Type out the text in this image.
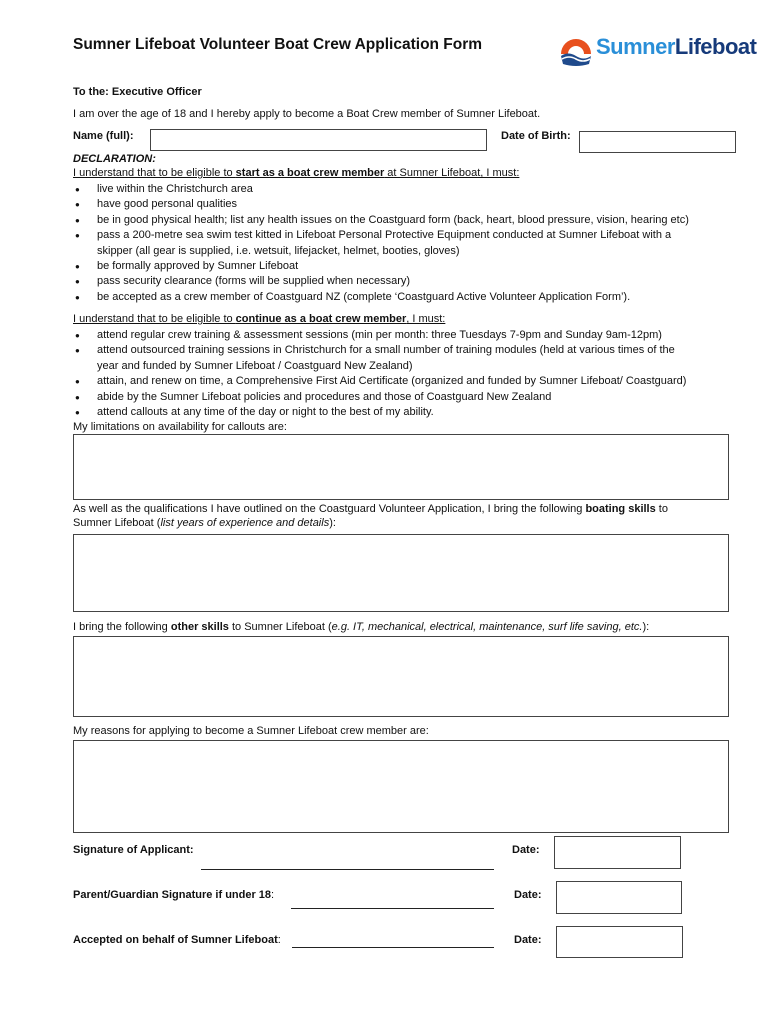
Sumner Lifeboat Volunteer Boat Crew Application Form	SumnerLifeboat
To the: Executive Officer
I am over the age of 18 and I hereby apply to become a Boat Crew member of Sumner Lifeboat.
Name (full):	Date of Birth:
DECLARATION:
I understand that to be eligible to start as a boat crew member at Sumner Lifeboat, I must:
● live within the Christchurch area
● have good personal qualities
● be in good physical health; list any health issues on the Coastguard form (back, heart, blood pressure, vision, hearing etc)
● pass a 200-metre sea swim test kitted in Lifeboat Personal Protective Equipment conducted at Sumner Lifeboat with a
skipper (all gear is supplied, i.e. wetsuit, lifejacket, helmet, booties, gloves)
● be formally approved by Sumner Lifeboat
● pass security clearance (forms will be supplied when necessary)
● be accepted as a crew member of Coastguard NZ (complete ‘Coastguard Active Volunteer Application Form’).
I understand that to be eligible to continue as a boat crew member, I must:
● attend regular crew training & assessment sessions (min per month: three Tuesdays 7-9pm and Sunday 9am-12pm)
● attend outsourced training sessions in Christchurch for a small number of training modules (held at various times of the
year and funded by Sumner Lifeboat / Coastguard New Zealand)
● attain, and renew on time, a Comprehensive First Aid Certificate (organized and funded by Sumner Lifeboat/ Coastguard)
● abide by the Sumner Lifeboat policies and procedures and those of Coastguard New Zealand
● attend callouts at any time of the day or night to the best of my ability.
My limitations on availability for callouts are:
As well as the qualifications I have outlined on the Coastguard Volunteer Application, I bring the following boating skills to
Sumner Lifeboat (list years of experience and details):
I bring the following other skills to Sumner Lifeboat (e.g. IT, mechanical, electrical, maintenance, surf life saving, etc.):
My reasons for applying to become a Sumner Lifeboat crew member are:
Signature of Applicant:	Date:
Parent/Guardian Signature if under 18:	Date:
Accepted on behalf of Sumner Lifeboat:	Date:
